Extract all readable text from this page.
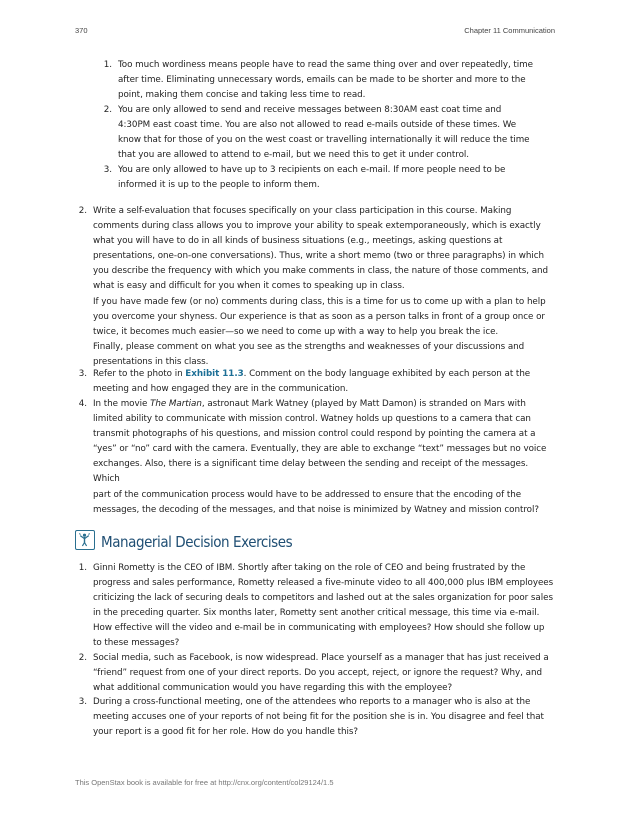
370	Chapter 11 Communication
1. Too much wordiness means people have to read the same thing over and over repeatedly, time

after time. Eliminating unnecessary words, emails can be made to be shorter and more to the

point, making them concise and taking less time to read.

2. You are only allowed to send and receive messages between 8:30AM east coat time and

4:30PM east coast time. You are also not allowed to read e-mails outside of these times. We

know that for those of you on the west coast or travelling internationally it will reduce the time

that you are allowed to attend to e-mail, but we need this to get it under control.

3. You are only allowed to have up to 3 recipients on each e-mail. If more people need to be

informed it is up to the people to inform them.

2. Write a self-evaluation that focuses specifically on your class participation in this course. Making

comments during class allows you to improve your ability to speak extemporaneously, which is exactly

what you will have to do in all kinds of business situations (e.g., meetings, asking questions at

presentations, one-on-one conversations). Thus, write a short memo (two or three paragraphs) in which

you describe the frequency with which you make comments in class, the nature of those comments, and

what is easy and difficult for you when it comes to speaking up in class.

If you have made few (or no) comments during class, this is a time for us to come up with a plan to help

you overcome your shyness. Our experience is that as soon as a person talks in front of a group once or

twice, it becomes much easier—so we need to come up with a way to help you break the ice.

Finally, please comment on what you see as the strengths and weaknesses of your discussions and

presentations in this class.

3. Refer to the photo in Exhibit 11.3. Comment on the body language exhibited by each person at the

meeting and how engaged they are in the communication.

4. In the movie The Martian, astronaut Mark Watney (played by Matt Damon) is stranded on Mars with

limited ability to communicate with mission control. Watney holds up questions to a camera that can

transmit photographs of his questions, and mission control could respond by pointing the camera at a

“yes” or “no” card with the camera. Eventually, they are able to exchange “text” messages but no voice

exchanges. Also, there is a significant time delay between the sending and receipt of the messages. Which

part of the communication process would have to be addressed to ensure that the encoding of the

messages, the decoding of the messages, and that noise is minimized by Watney and mission control?

Managerial Decision Exercises
1. Ginni Rometty is the CEO of IBM. Shortly after taking on the role of CEO and being frustrated by the

progress and sales performance, Rometty released a five-minute video to all 400,000 plus IBM employees

criticizing the lack of securing deals to competitors and lashed out at the sales organization for poor sales

in the preceding quarter. Six months later, Rometty sent another critical message, this time via e-mail.

How effective will the video and e-mail be in communicating with employees? How should she follow up

to these messages?

2. Social media, such as Facebook, is now widespread. Place yourself as a manager that has just received a

“friend” request from one of your direct reports. Do you accept, reject, or ignore the request? Why, and

what additional communication would you have regarding this with the employee?

3. During a cross-functional meeting, one of the attendees who reports to a manager who is also at the

meeting accuses one of your reports of not being fit for the position she is in. You disagree and feel that

your report is a good fit for her role. How do you handle this?

This OpenStax book is available for free at http://cnx.org/content/col29124/1.5
